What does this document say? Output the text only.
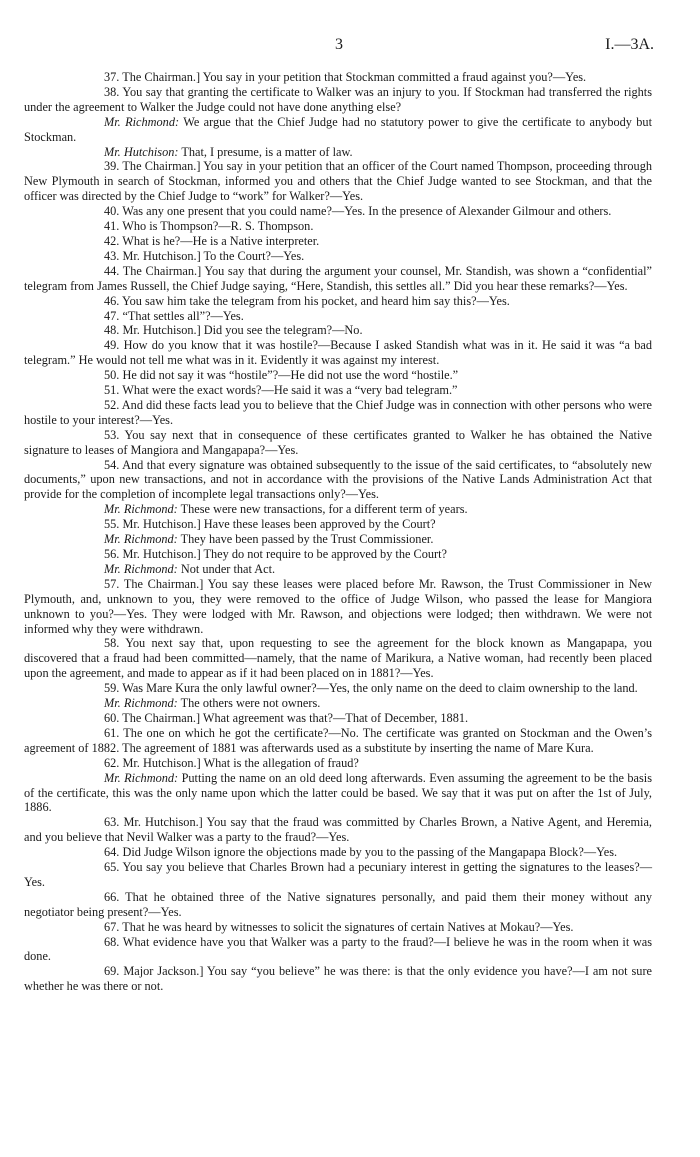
3	I.—3A.

37. The Chairman.] You say in your petition that Stockman committed a fraud against you?—Yes.

38. You say that granting the certificate to Walker was an injury to you. If Stockman had transferred the rights under the agreement to Walker the Judge could not have done anything else?

Mr. Richmond: We argue that the Chief Judge had no statutory power to give the certificate to anybody but Stockman.

Mr. Hutchison: That, I presume, is a matter of law.

39. The Chairman.] You say in your petition that an officer of the Court named Thompson, proceeding through New Plymouth in search of Stockman, informed you and others that the Chief Judge wanted to see Stockman, and that the officer was directed by the Chief Judge to “work” for Walker?—Yes.

40. Was any one present that you could name?—Yes. In the presence of Alexander Gilmour and others.

41. Who is Thompson?—R. S. Thompson.

42. What is he?—He is a Native interpreter.

43. Mr. Hutchison.] To the Court?—Yes.

44. The Chairman.] You say that during the argument your counsel, Mr. Standish, was shown a “confidential” telegram from James Russell, the Chief Judge saying, “Here, Standish, this settles all.” Did you hear these remarks?—Yes.

46. You saw him take the telegram from his pocket, and heard him say this?—Yes.

47. “That settles all”?—Yes.

48. Mr. Hutchison.] Did you see the telegram?—No.

49. How do you know that it was hostile?—Because I asked Standish what was in it. He said it was “a bad telegram.” He would not tell me what was in it. Evidently it was against my interest.

50. He did not say it was “hostile”?—He did not use the word “hostile.”

51. What were the exact words?—He said it was a “very bad telegram.”

52. And did these facts lead you to believe that the Chief Judge was in connection with other persons who were hostile to your interest?—Yes.

53. You say next that in consequence of these certificates granted to Walker he has obtained the Native signature to leases of Mangiora and Mangapapa?—Yes.

54. And that every signature was obtained subsequently to the issue of the said certificates, to “absolutely new documents,” upon new transactions, and not in accordance with the provisions of the Native Lands Administration Act that provide for the completion of incomplete legal transactions only?—Yes.

Mr. Richmond: These were new transactions, for a different term of years.

55. Mr. Hutchison.] Have these leases been approved by the Court?

Mr. Richmond: They have been passed by the Trust Commissioner.

56. Mr. Hutchison.] They do not require to be approved by the Court?

Mr. Richmond: Not under that Act.

57. The Chairman.] You say these leases were placed before Mr. Rawson, the Trust Commissioner in New Plymouth, and, unknown to you, they were removed to the office of Judge Wilson, who passed the lease for Mangiora unknown to you?—Yes. They were lodged with Mr. Rawson, and objections were lodged; then withdrawn. We were not informed why they were withdrawn.

58. You next say that, upon requesting to see the agreement for the block known as Mangapapa, you discovered that a fraud had been committed—namely, that the name of Marikura, a Native woman, had recently been placed upon the agreement, and made to appear as if it had been placed on in 1881?—Yes.

59. Was Mare Kura the only lawful owner?—Yes, the only name on the deed to claim ownership to the land.

Mr. Richmond: The others were not owners.

60. The Chairman.] What agreement was that?—That of December, 1881.

61. The one on which he got the certificate?—No. The certificate was granted on Stockman and the Owen’s agreement of 1882. The agreement of 1881 was afterwards used as a substitute by inserting the name of Mare Kura.

62. Mr. Hutchison.] What is the allegation of fraud?

Mr. Richmond: Putting the name on an old deed long afterwards. Even assuming the agreement to be the basis of the certificate, this was the only name upon which the latter could be based. We say that it was put on after the 1st of July, 1886.

63. Mr. Hutchison.] You say that the fraud was committed by Charles Brown, a Native Agent, and Heremia, and you believe that Nevil Walker was a party to the fraud?—Yes.

64. Did Judge Wilson ignore the objections made by you to the passing of the Mangapapa Block?—Yes.

65. You say you believe that Charles Brown had a pecuniary interest in getting the signatures to the leases?—Yes.

66. That he obtained three of the Native signatures personally, and paid them their money without any negotiator being present?—Yes.

67. That he was heard by witnesses to solicit the signatures of certain Natives at Mokau?—Yes.

68. What evidence have you that Walker was a party to the fraud?—I believe he was in the room when it was done.

69. Major Jackson.] You say “you believe” he was there: is that the only evidence you have?—I am not sure whether he was there or not.
